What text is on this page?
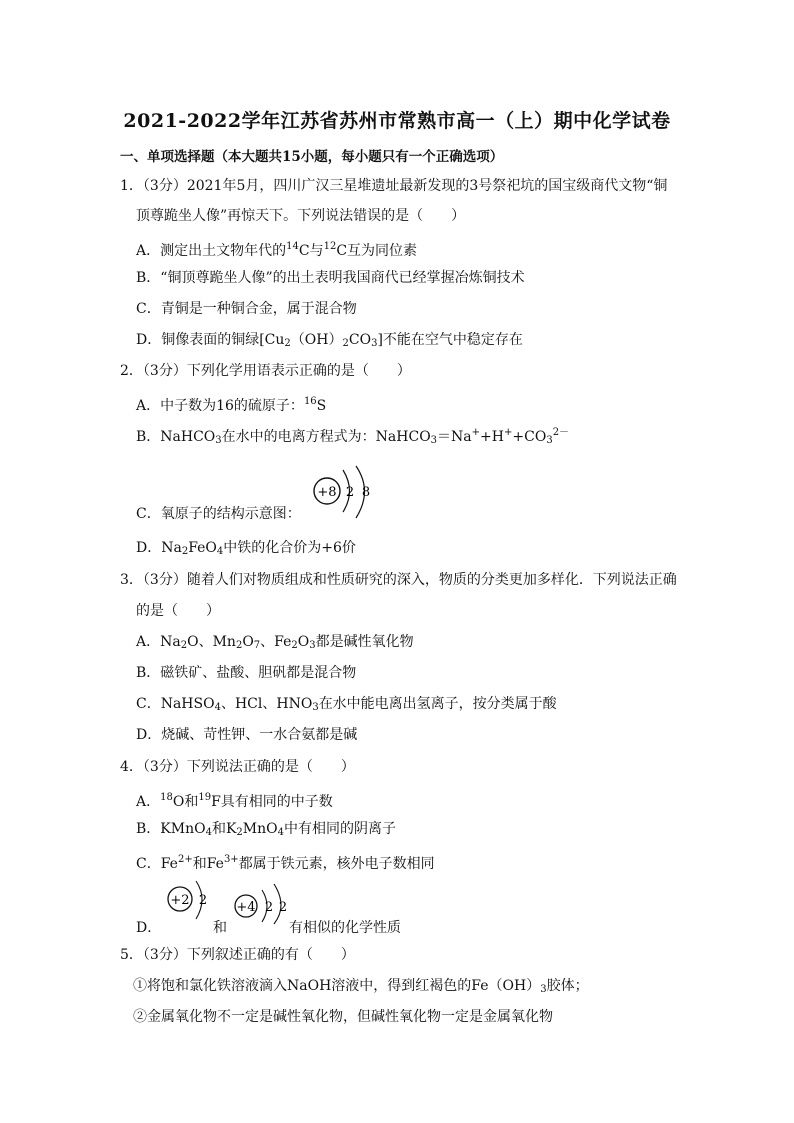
2021-2022学年江苏省苏州市常熟市高一（上）期中化学试卷
一、单项选择题（本大题共15小题，每小题只有一个正确选项）
1．（3分）2021年5月，四川广汉三星堆遗址最新发现的3号祭祀坑的国宝级商代文物“铜
顶尊跪坐人像”再惊天下。下列说法错误的是（　　）
A．测定出土文物年代的$^{14}$C与$^{12}$C互为同位素
B．“铜顶尊跪坐人像”的出土表明我国商代已经掌握冶炼铜技术
C．青铜是一种铜合金，属于混合物
D．铜像表面的铜绿$[Cu_2(OH)_2CO_3]$不能在空气中稳定存在
2．（3分）下列化学用语表示正确的是（　　）
A．中子数为16的硫原子：$^{16}$S
B．NaHCO$_3$在水中的电离方程式为：$NaHCO_3=Na^++H^++CO_3^{2-}$
+8 2 8
C．氧原子的结构示意图：
D．$Na_2FeO_4$中铁的化合价为+6价
3．（3分）随着人们对物质组成和性质研究的深入，物质的分类更加多样化．下列说法正确
的是（　　）
A．$Na_2O$、$Mn_2O_7$、$Fe_2O_3$都是碱性氧化物
B．磁铁矿、盐酸、胆矾都是混合物
C．NaHSO$_4$、HCl、$HNO_3$在水中能电离出氢离子，按分类属于酸
D．烧碱、苛性钾、一水合氨都是碱
4．（3分）下列说法正确的是（　　）
A．$^{18}$O和$^{19}$F具有相同的中子数
B．KMnO$_4$和$K_2MnO_4$中有相同的阴离子
C．$Fe^{2+}$和$Fe^{3+}$都属于铁元素，核外电子数相同
+2 2 +4 2 2
D．	和	有相似的化学性质
5．（3分）下列叙述正确的有（　　）
①将饱和氯化铁溶液滴入NaOH溶液中，得到红褐色的$Fe(OH)_3$胶体；
②金属氧化物不一定是碱性氧化物，但碱性氧化物一定是金属氧化物
